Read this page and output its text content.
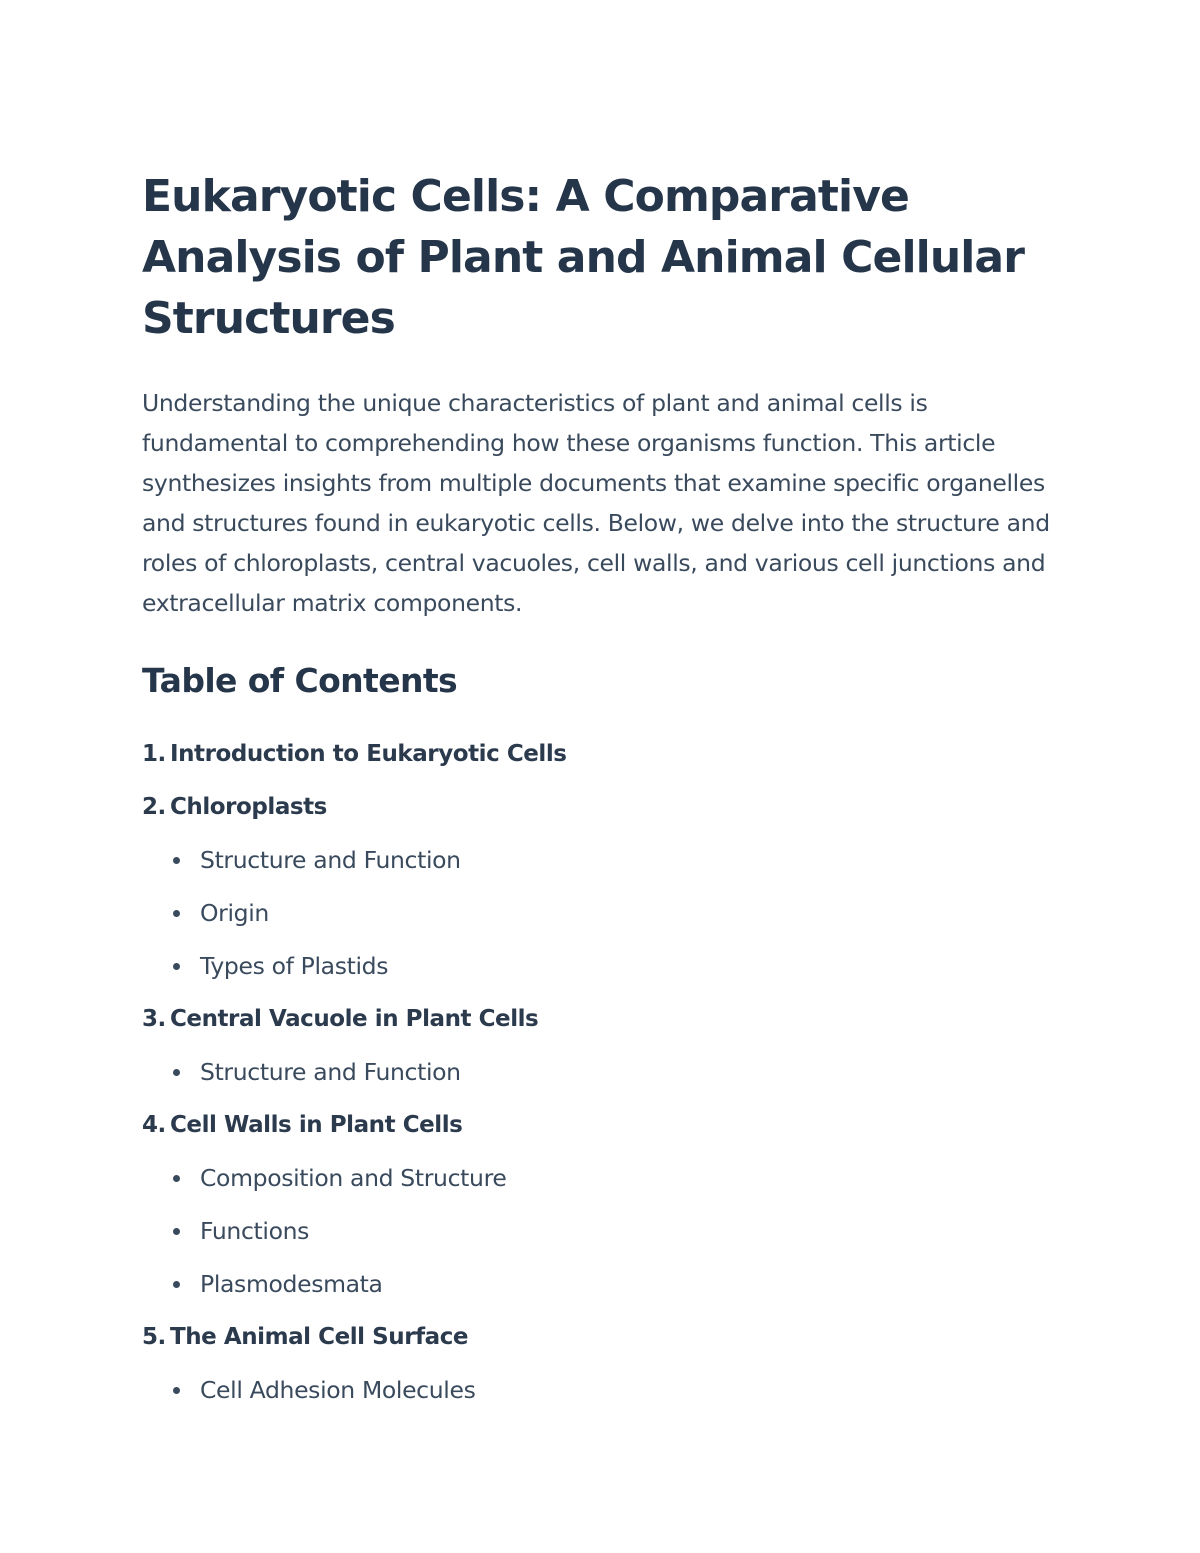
Eukaryotic Cells: A Comparative Analysis of Plant and Animal Cellular Structures

Understanding the unique characteristics of plant and animal cells is fundamental to comprehending how these organisms function. This article synthesizes insights from multiple documents that examine specific organelles and structures found in eukaryotic cells. Below, we delve into the structure and roles of chloroplasts, central vacuoles, cell walls, and various cell junctions and extracellular matrix components.

Table of Contents
1. Introduction to Eukaryotic Cells
2. Chloroplasts
Structure and Function
Origin
Types of Plastids
3. Central Vacuole in Plant Cells
Structure and Function
4. Cell Walls in Plant Cells
Composition and Structure
Functions
Plasmodesmata
5. The Animal Cell Surface
Cell Adhesion Molecules
